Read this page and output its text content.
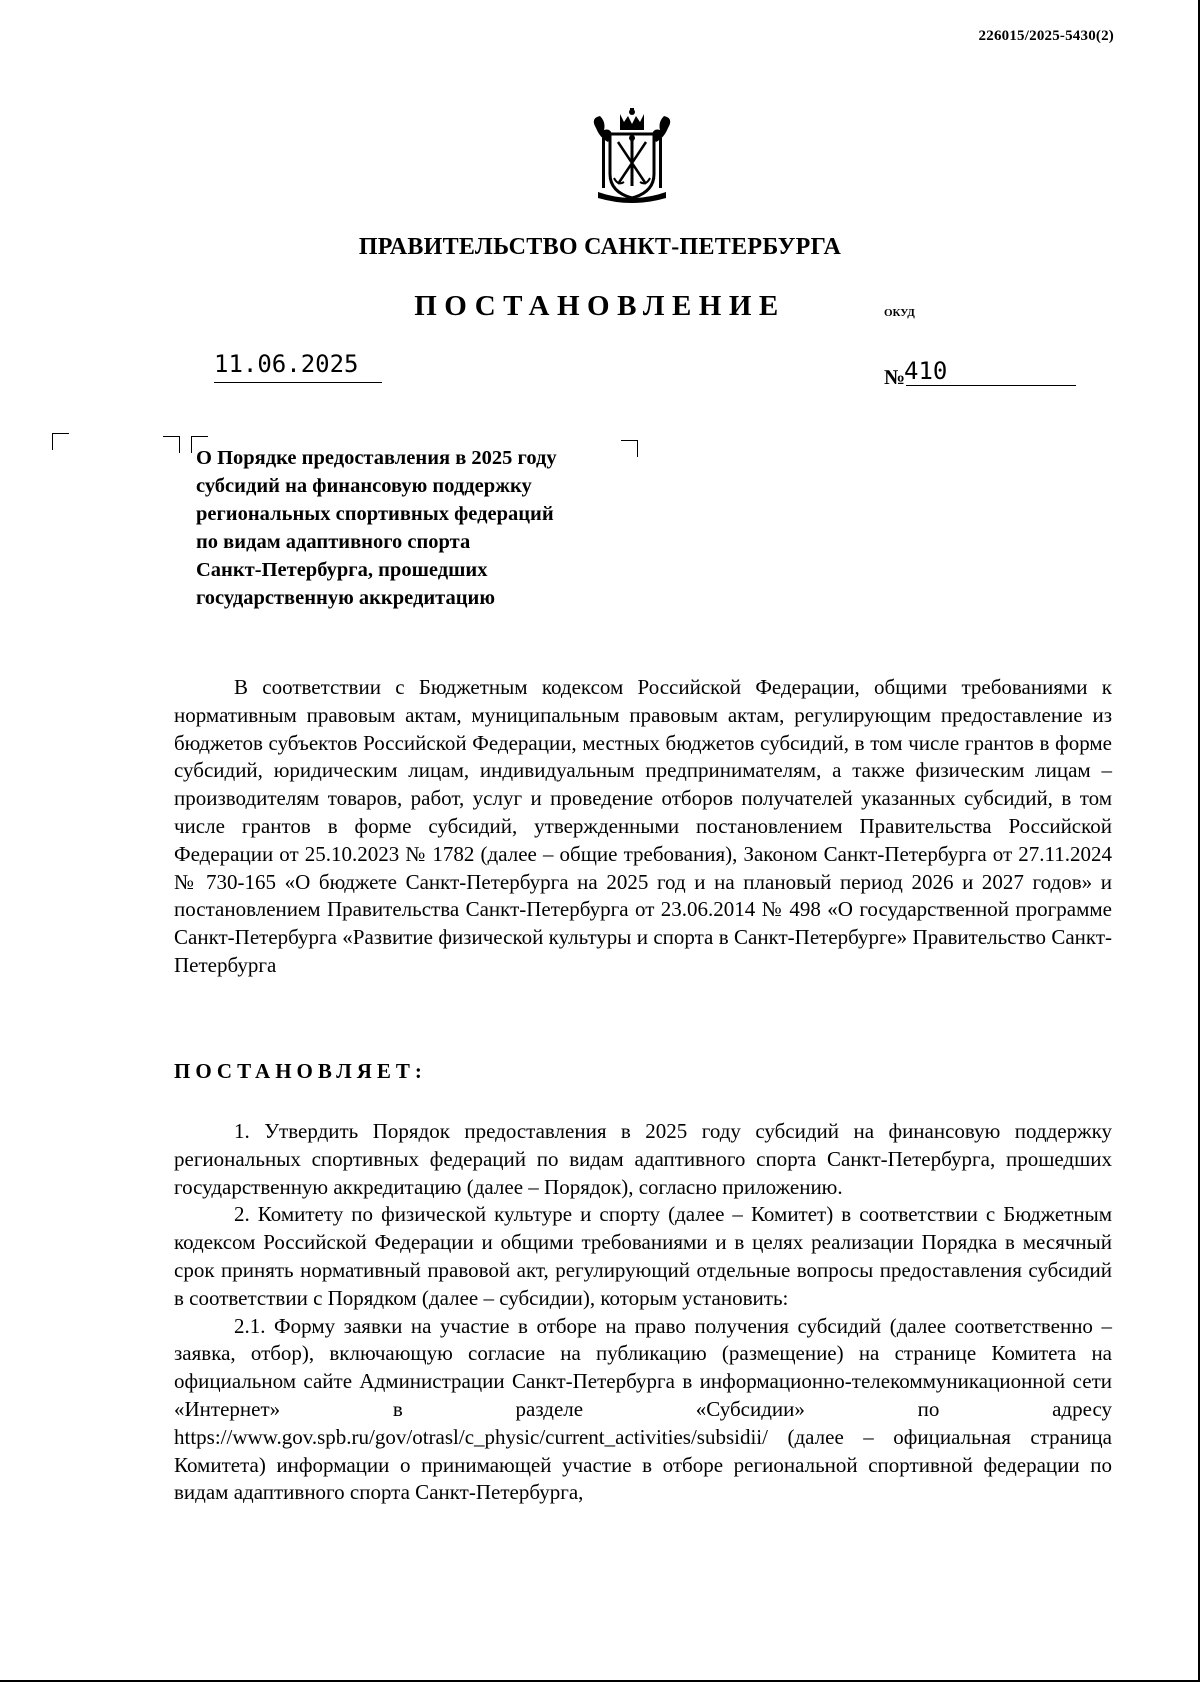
226015/2025-5430(2)
ПРАВИТЕЛЬСТВО САНКТ-ПЕТЕРБУРГА
ПОСТАНОВЛЕНИЕ	ОКУД
11.06.2025	№
410
О Порядке предоставления в 2025 году
субсидий на финансовую поддержку
региональных спортивных федераций
по видам адаптивного спорта
Санкт-Петербурга, прошедших
государственную аккредитацию

В соответствии с Бюджетным кодексом Российской Федерации, общими требованиями к нормативным правовым актам, муниципальным правовым актам, регулирующим предоставление из бюджетов субъектов Российской Федерации, местных бюджетов субсидий, в том числе грантов в форме субсидий, юридическим лицам, индивидуальным предпринимателям, а также физическим лицам – производителям товаров, работ, услуг и проведение отборов получателей указанных субсидий, в том числе грантов в форме субсидий, утвержденными постановлением Правительства Российской Федерации от 25.10.2023 № 1782 (далее – общие требования), Законом Санкт-Петербурга от 27.11.2024 № 730-165 «О бюджете Санкт-Петербурга на 2025 год и на плановый период 2026 и 2027 годов» и постановлением Правительства Санкт-Петербурга от 23.06.2014 № 498 «О государственной программе Санкт-Петербурга «Развитие физической культуры и спорта в Санкт-Петербурге» Правительство Санкт-Петербурга

ПОСТАНОВЛЯЕТ:

1. Утвердить Порядок предоставления в 2025 году субсидий на финансовую поддержку региональных спортивных федераций по видам адаптивного спорта Санкт-Петербурга, прошедших государственную аккредитацию (далее – Порядок), согласно приложению.

2. Комитету по физической культуре и спорту (далее – Комитет) в соответствии с Бюджетным кодексом Российской Федерации и общими требованиями и в целях реализации Порядка в месячный срок принять нормативный правовой акт, регулирующий отдельные вопросы предоставления субсидий в соответствии с Порядком (далее – субсидии), которым установить:

2.1. Форму заявки на участие в отборе на право получения субсидий (далее соответственно – заявка, отбор), включающую согласие на публикацию (размещение) на странице Комитета на официальном сайте Администрации Санкт-Петербурга в информационно-телекоммуникационной сети «Интернет» в разделе «Субсидии» по адресу https://www.gov.spb.ru/gov/otrasl/c_physic/current_activities/subsidii/ (далее – официальная страница Комитета) информации о принимающей участие в отборе региональной спортивной федерации по видам адаптивного спорта Санкт-Петербурга,
